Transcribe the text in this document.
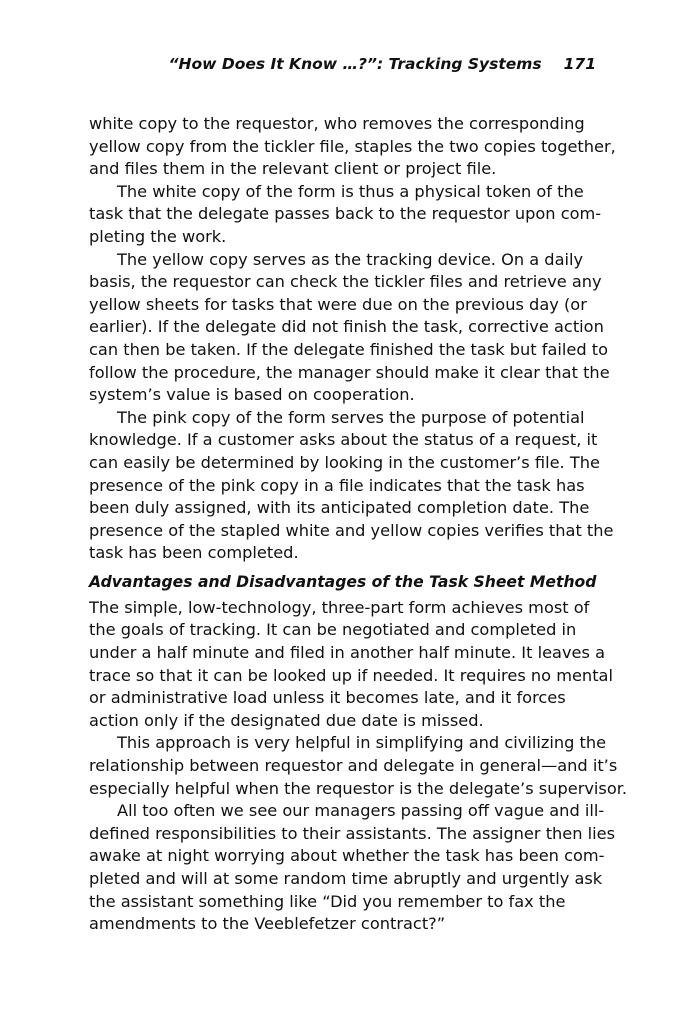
“How Does It Know …?”: Tracking Systems 171
white copy to the requestor, who removes the corresponding
yellow copy from the tickler file, staples the two copies together,
and files them in the relevant client or project file.
The white copy of the form is thus a physical token of the
task that the delegate passes back to the requestor upon com-
pleting the work.
The yellow copy serves as the tracking device. On a daily
basis, the requestor can check the tickler files and retrieve any
yellow sheets for tasks that were due on the previous day (or
earlier). If the delegate did not finish the task, corrective action
can then be taken. If the delegate finished the task but failed to
follow the procedure, the manager should make it clear that the
system’s value is based on cooperation.
The pink copy of the form serves the purpose of potential
knowledge. If a customer asks about the status of a request, it
can easily be determined by looking in the customer’s file. The
presence of the pink copy in a file indicates that the task has
been duly assigned, with its anticipated completion date. The
presence of the stapled white and yellow copies verifies that the
task has been completed.
Advantages and Disadvantages of the Task Sheet Method
The simple, low-technology, three-part form achieves most of
the goals of tracking. It can be negotiated and completed in
under a half minute and filed in another half minute. It leaves a
trace so that it can be looked up if needed. It requires no mental
or administrative load unless it becomes late, and it forces
action only if the designated due date is missed.
This approach is very helpful in simplifying and civilizing the
relationship between requestor and delegate in general—and it’s
especially helpful when the requestor is the delegate’s supervisor.
All too often we see our managers passing off vague and ill-
defined responsibilities to their assistants. The assigner then lies
awake at night worrying about whether the task has been com-
pleted and will at some random time abruptly and urgently ask
the assistant something like “Did you remember to fax the
amendments to the Veeblefetzer contract?”
